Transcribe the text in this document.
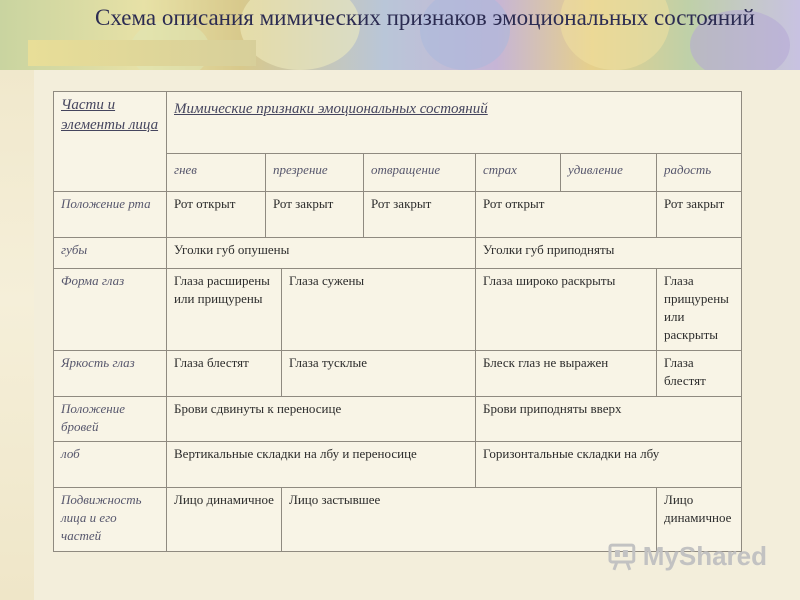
Схема описания мимических признаков эмоциональных состояний
Части и элементы лица	Мимические признаки эмоциональных состояний						
	гнев	презрение		отвращение	страх	удивление	радость
Положение рта	Рот открыт	Рот закрыт		Рот закрыт	Рот открыт		Рот закрыт
губы	Уголки губ опушены				Уголки губ приподняты		
Форма глаз	Глаза расширены или прищурены		Глаза сужены		Глаза широко раскрыты		Глаза прищурены или раскрыты
Яркость глаз	Глаза блестят		Глаза тусклые		Блеск глаз не выражен		Глаза блестят
Положение бровей	Брови сдвинуты к переносице				Брови приподняты вверх		
лоб	Вертикальные складки на лбу и переносице				Горизонтальные складки на лбу		
Подвижность лица и его частей	Лицо динамичное		Лицо застывшее				Лицо динамичное
MyShared
